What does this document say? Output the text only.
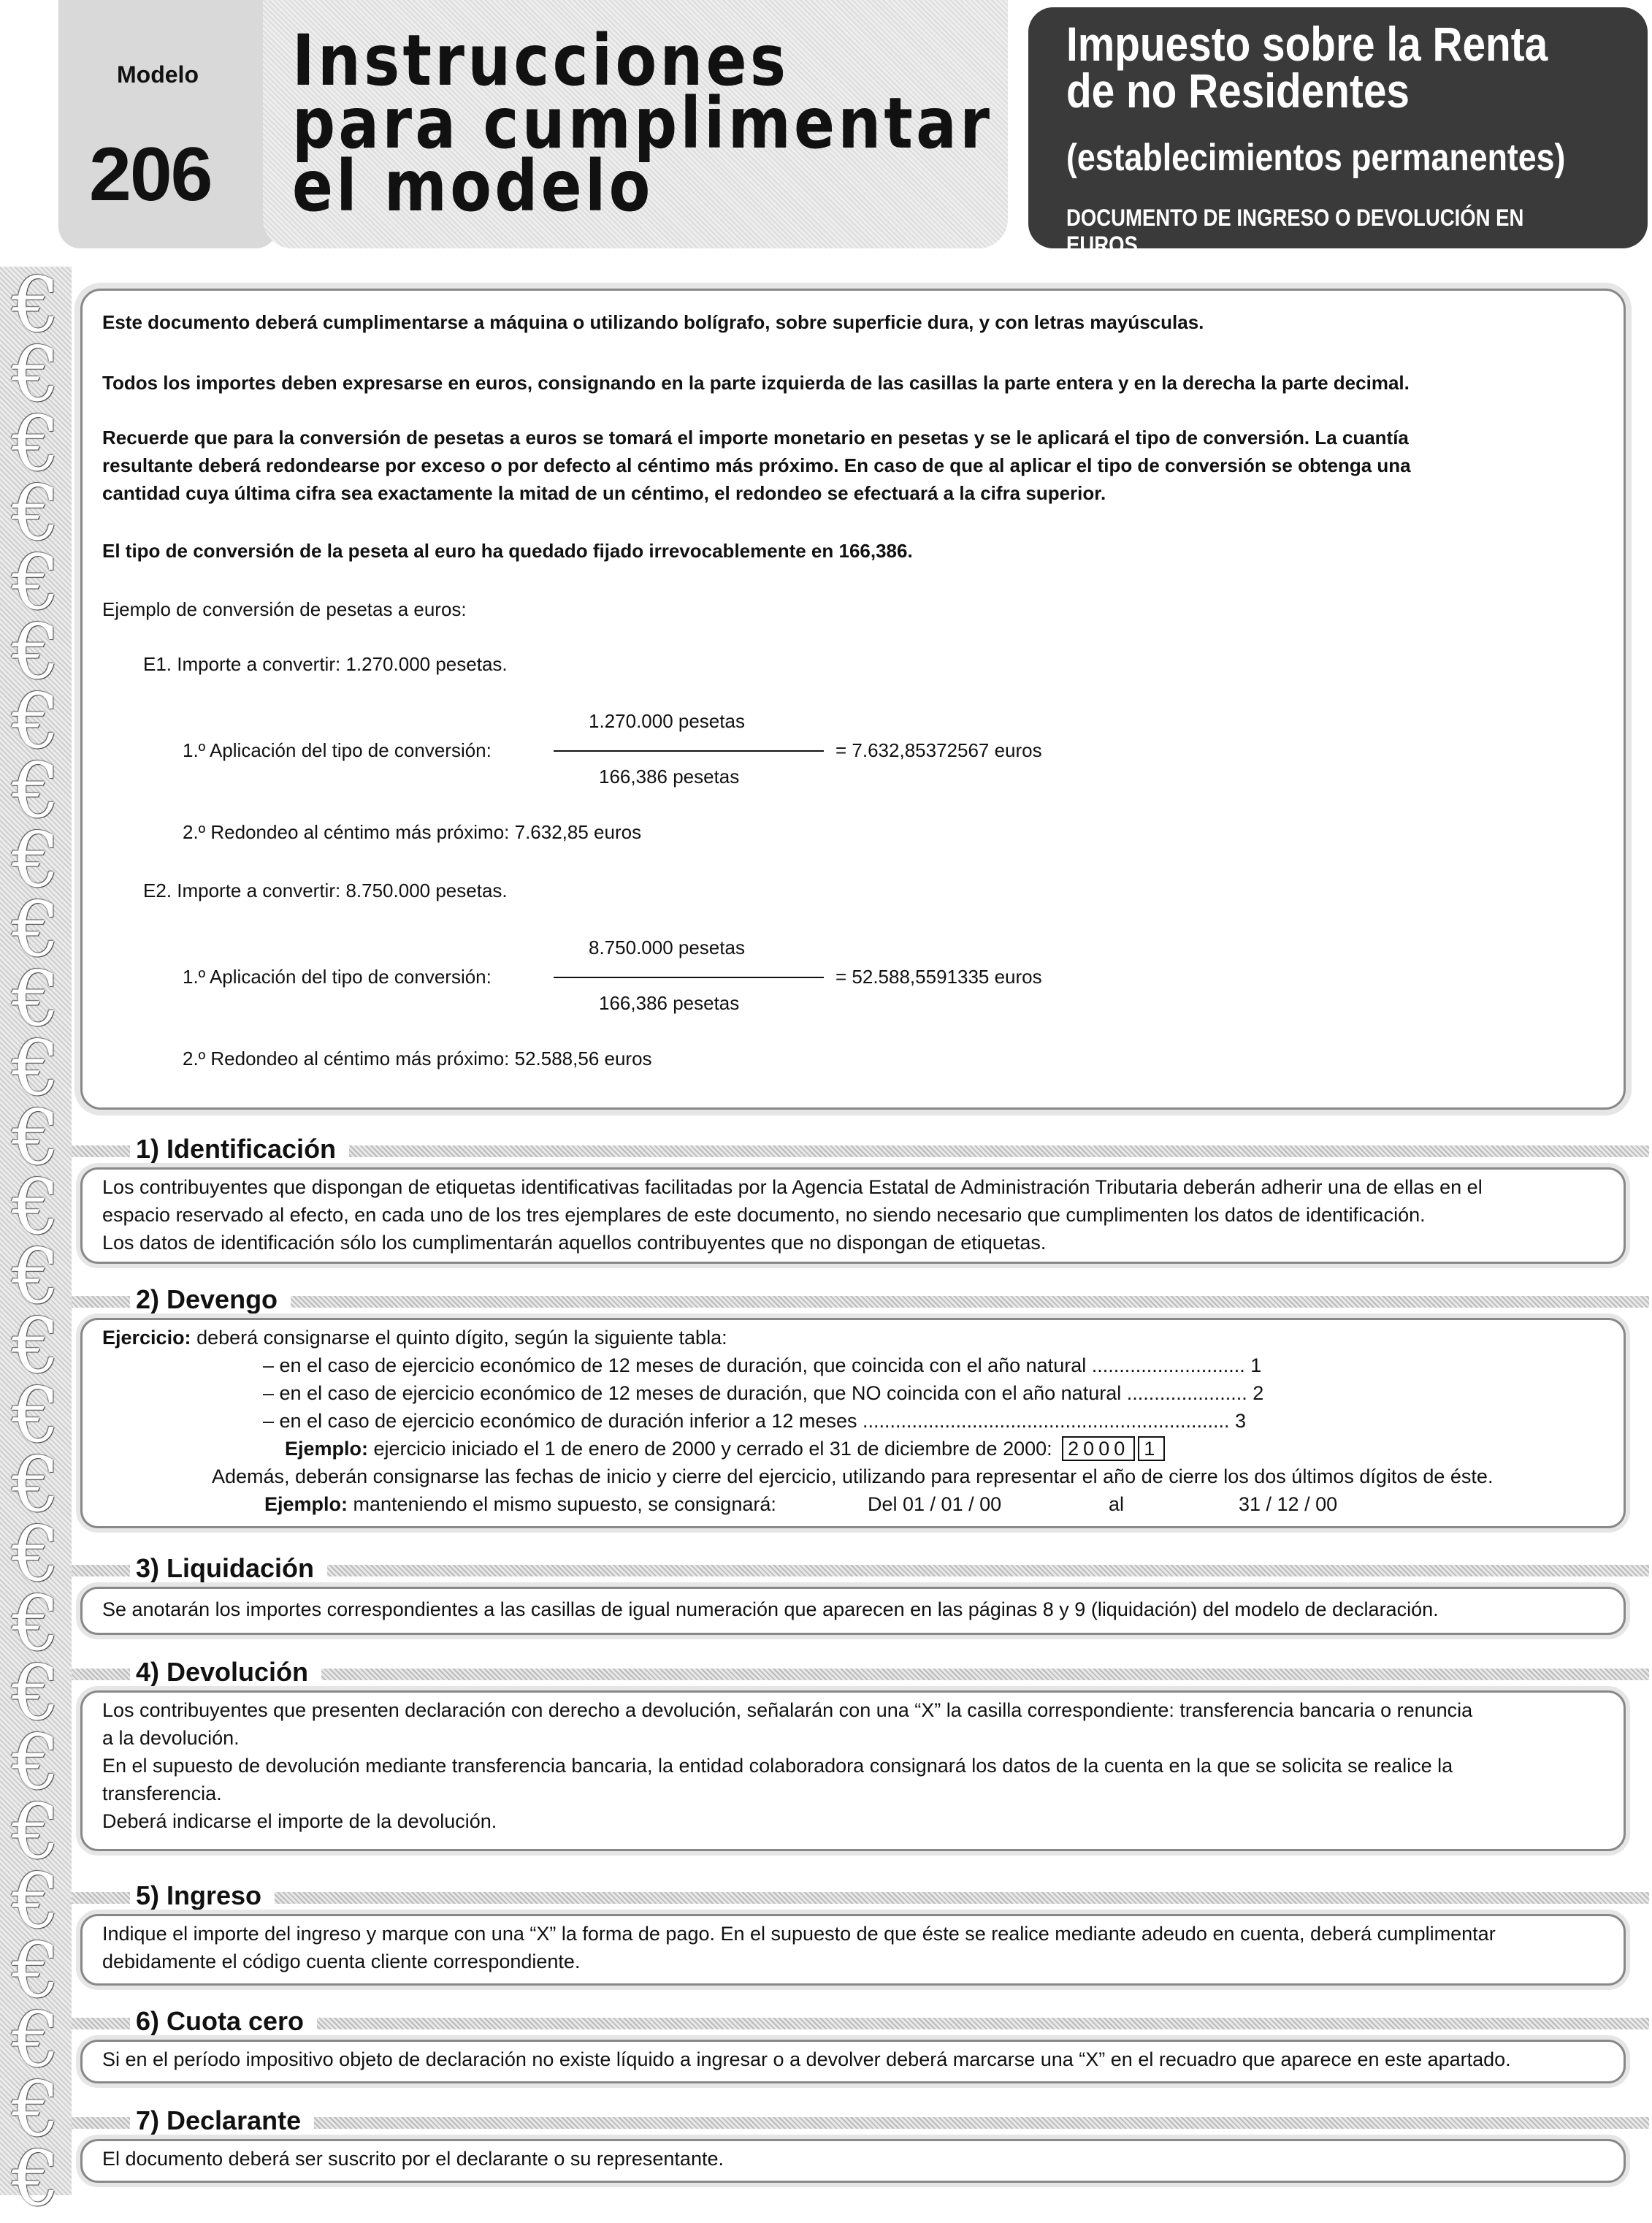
€
€
€
€
€
€
€
€
€
€
€
€
€
€
€
€
€
€
€
€
€
€
€
€
€
€
€
€
Modelo
206
Instrucciones
para cumplimentar
el modelo
Impuesto sobre la Renta
de no Residentes
(establecimientos permanentes)
DOCUMENTO DE INGRESO O DEVOLUCIÓN EN EUROS
Este documento deberá cumplimentarse a máquina o utilizando bolígrafo, sobre superficie dura, y con letras mayúsculas.
Todos los importes deben expresarse en euros, consignando en la parte izquierda de las casillas la parte entera y en la derecha la parte decimal.
Recuerde que para la conversión de pesetas a euros se tomará el importe monetario en pesetas y se le aplicará el tipo de conversión. La cuantía
resultante deberá redondearse por exceso o por defecto al céntimo más próximo. En caso de que al aplicar el tipo de conversión se obtenga una
cantidad cuya última cifra sea exactamente la mitad de un céntimo, el redondeo se efectuará a la cifra superior.
El tipo de conversión de la peseta al euro ha quedado fijado irrevocablemente en 166,386.
Ejemplo de conversión de pesetas a euros:
E1. Importe a convertir: 1.270.000 pesetas.
1.270.000 pesetas
1.º Aplicación del tipo de conversión:	= 7.632,85372567 euros
166,386 pesetas
2.º Redondeo al céntimo más próximo: 7.632,85 euros
E2. Importe a convertir: 8.750.000 pesetas.
8.750.000 pesetas
1.º Aplicación del tipo de conversión:	= 52.588,5591335 euros
166,386 pesetas
2.º Redondeo al céntimo más próximo: 52.588,56 euros
1) Identificación
Los contribuyentes que dispongan de etiquetas identificativas facilitadas por la Agencia Estatal de Administración Tributaria deberán adherir una de ellas en el
espacio reservado al efecto, en cada uno de los tres ejemplares de este documento, no siendo necesario que cumplimenten los datos de identificación.
Los datos de identificación sólo los cumplimentarán aquellos contribuyentes que no dispongan de etiquetas.
2) Devengo
Ejercicio: deberá consignarse el quinto dígito, según la siguiente tabla:
– en el caso de ejercicio económico de 12 meses de duración, que coincida con el año natural ............................ 1
– en el caso de ejercicio económico de 12 meses de duración, que NO coincida con el año natural ...................... 2
– en el caso de ejercicio económico de duración inferior a 12 meses ................................................................... 3
Ejemplo: ejercicio iniciado el 1 de enero de 2000 y cerrado el 31 de diciembre de 2000: 2000 1
Además, deberán consignarse las fechas de inicio y cierre del ejercicio, utilizando para representar el año de cierre los dos últimos dígitos de éste.
Ejemplo: manteniendo el mismo supuesto, se consignará:	Del 01 / 01 / 00	al	31 / 12 / 00
3) Liquidación
Se anotarán los importes correspondientes a las casillas de igual numeración que aparecen en las páginas 8 y 9 (liquidación) del modelo de declaración.
4) Devolución
Los contribuyentes que presenten declaración con derecho a devolución, señalarán con una “X” la casilla correspondiente: transferencia bancaria o renuncia
a la devolución.
En el supuesto de devolución mediante transferencia bancaria, la entidad colaboradora consignará los datos de la cuenta en la que se solicita se realice la
transferencia.
Deberá indicarse el importe de la devolución.
5) Ingreso
Indique el importe del ingreso y marque con una “X” la forma de pago. En el supuesto de que éste se realice mediante adeudo en cuenta, deberá cumplimentar
debidamente el código cuenta cliente correspondiente.
6) Cuota cero
Si en el período impositivo objeto de declaración no existe líquido a ingresar o a devolver deberá marcarse una “X” en el recuadro que aparece en este apartado.
7) Declarante
El documento deberá ser suscrito por el declarante o su representante.
